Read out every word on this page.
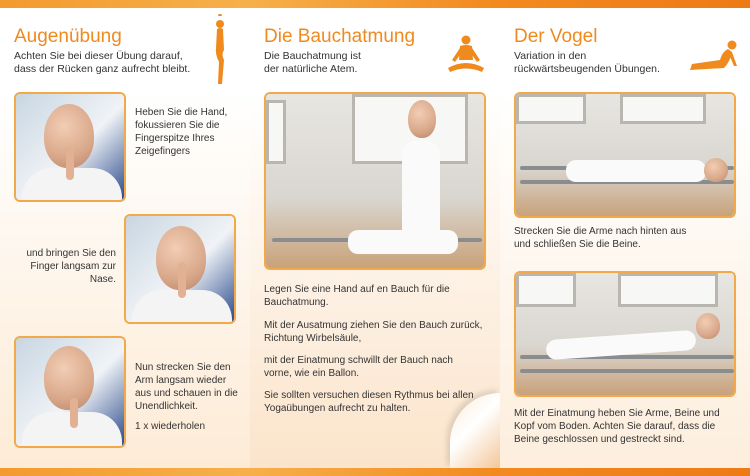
Augenübung
Achten Sie bei dieser Übung darauf, dass der Rücken ganz aufrecht bleibt.
Heben Sie die Hand, fokussieren Sie die Fingerspitze Ihres Zeigefingers
und bringen Sie den Finger langsam zur Nase.
Nun strecken Sie den Arm langsam wieder aus und schauen in die Unendlichkeit.
1 x wiederholen
Die Bauchatmung
Die Bauchatmung ist der natürliche Atem.
Legen Sie eine Hand auf en Bauch für die Bauchatmung.
Mit der Ausatmung ziehen Sie den Bauch zurück, Richtung Wirbelsäule,
mit der Einatmung schwillt der Bauch nach vorne, wie ein Ballon.
Sie sollten versuchen diesen Rythmus bei allen Yogaübungen aufrecht zu halten.
Der Vogel
Variation in den rückwärtsbeugenden Übungen.
Strecken Sie die Arme nach hinten aus und schließen Sie die Beine.
Mit der Einatmung heben Sie Arme, Beine und Kopf vom Boden. Achten Sie darauf, dass die Beine geschlossen und gestreckt sind.
